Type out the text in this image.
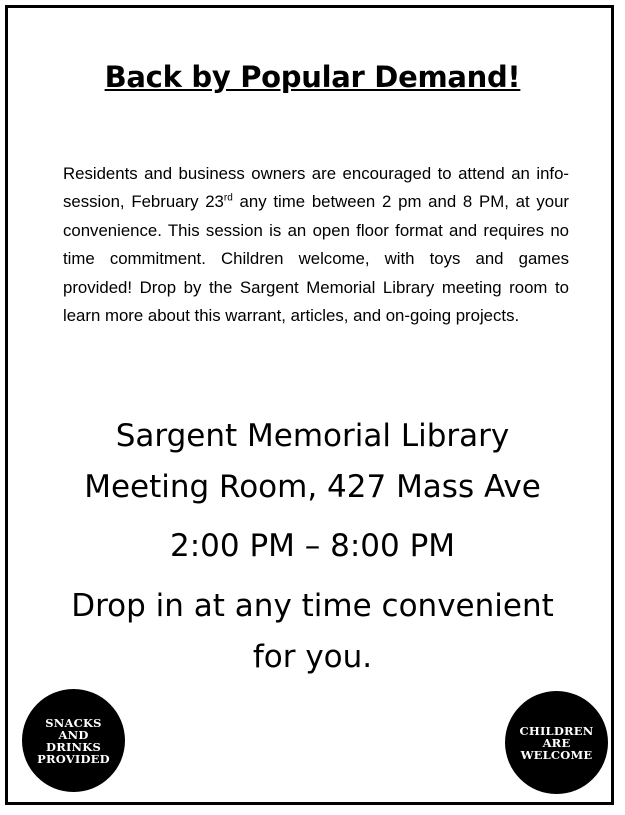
Back by Popular Demand!

Residents and business owners are encouraged to attend an info-session, February 23rd any time between 2 pm and 8 PM, at your convenience. This session is an open floor format and requires no time commitment. Children welcome, with toys and games provided! Drop by the Sargent Memorial Library meeting room to learn more about this warrant, articles, and on-going projects.

Sargent Memorial Library
Meeting Room, 427 Mass Ave
2:00 PM – 8:00 PM
Drop in at any time convenient
for you.
SNACKS
AND
DRINKS
PROVIDED
CHILDREN
ARE
WELCOME
